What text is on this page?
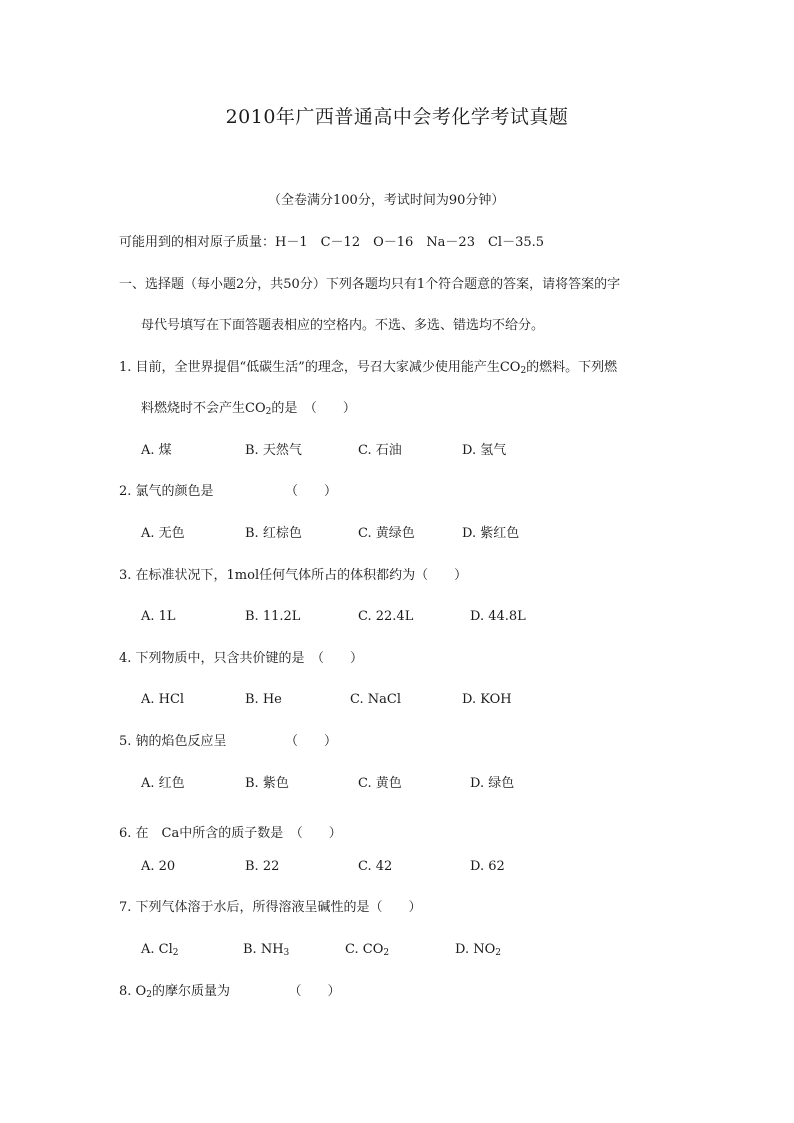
2010年广西普通高中会考化学考试真题
（全卷满分100分，考试时间为90分钟）
可能用到的相对原子质量：H－1　C－12　O－16　Na－23　Cl－35.5
一、选择题（每小题2分，共50分）下列各题均只有1个符合题意的答案，请将答案的字
母代号填写在下面答题表相应的空格内。不选、多选、错选均不给分。
1. 目前，全世界提倡“低碳生活”的理念，号召大家减少使用能产生$CO_2$的燃料。下列燃
料燃烧时不会产生$CO_2$的是　（　　）
A. 煤	B. 天然气	C. 石油	D. 氢气
2. 氯气的颜色是　　　　　　（　　）
A. 无色	B. 红棕色	C. 黄绿色	D. 紫红色
3. 在标准状况下，1mol任何气体所占的体积都约为（　　）
A. 1L	B. 11.2L	C. 22.4L	D. 44.8L
4. 下列物质中，只含共价键的是　（　　）
A. HCl	B. He	C. NaCl	D. KOH
5. 钠的焰色反应呈　　　　　（　　）
A. 红色	B. 紫色	C. 黄色	D. 绿色
6. 在　Ca中所含的质子数是　（　　）
A. 20	B. 22	C. 42	D. 62
7. 下列气体溶于水后，所得溶液呈碱性的是（　　）
A. $Cl_2$	B. $NH_3$	C. $CO_2$	D. $NO_2$
8. $O_2$的摩尔质量为　　　　　（　　）
